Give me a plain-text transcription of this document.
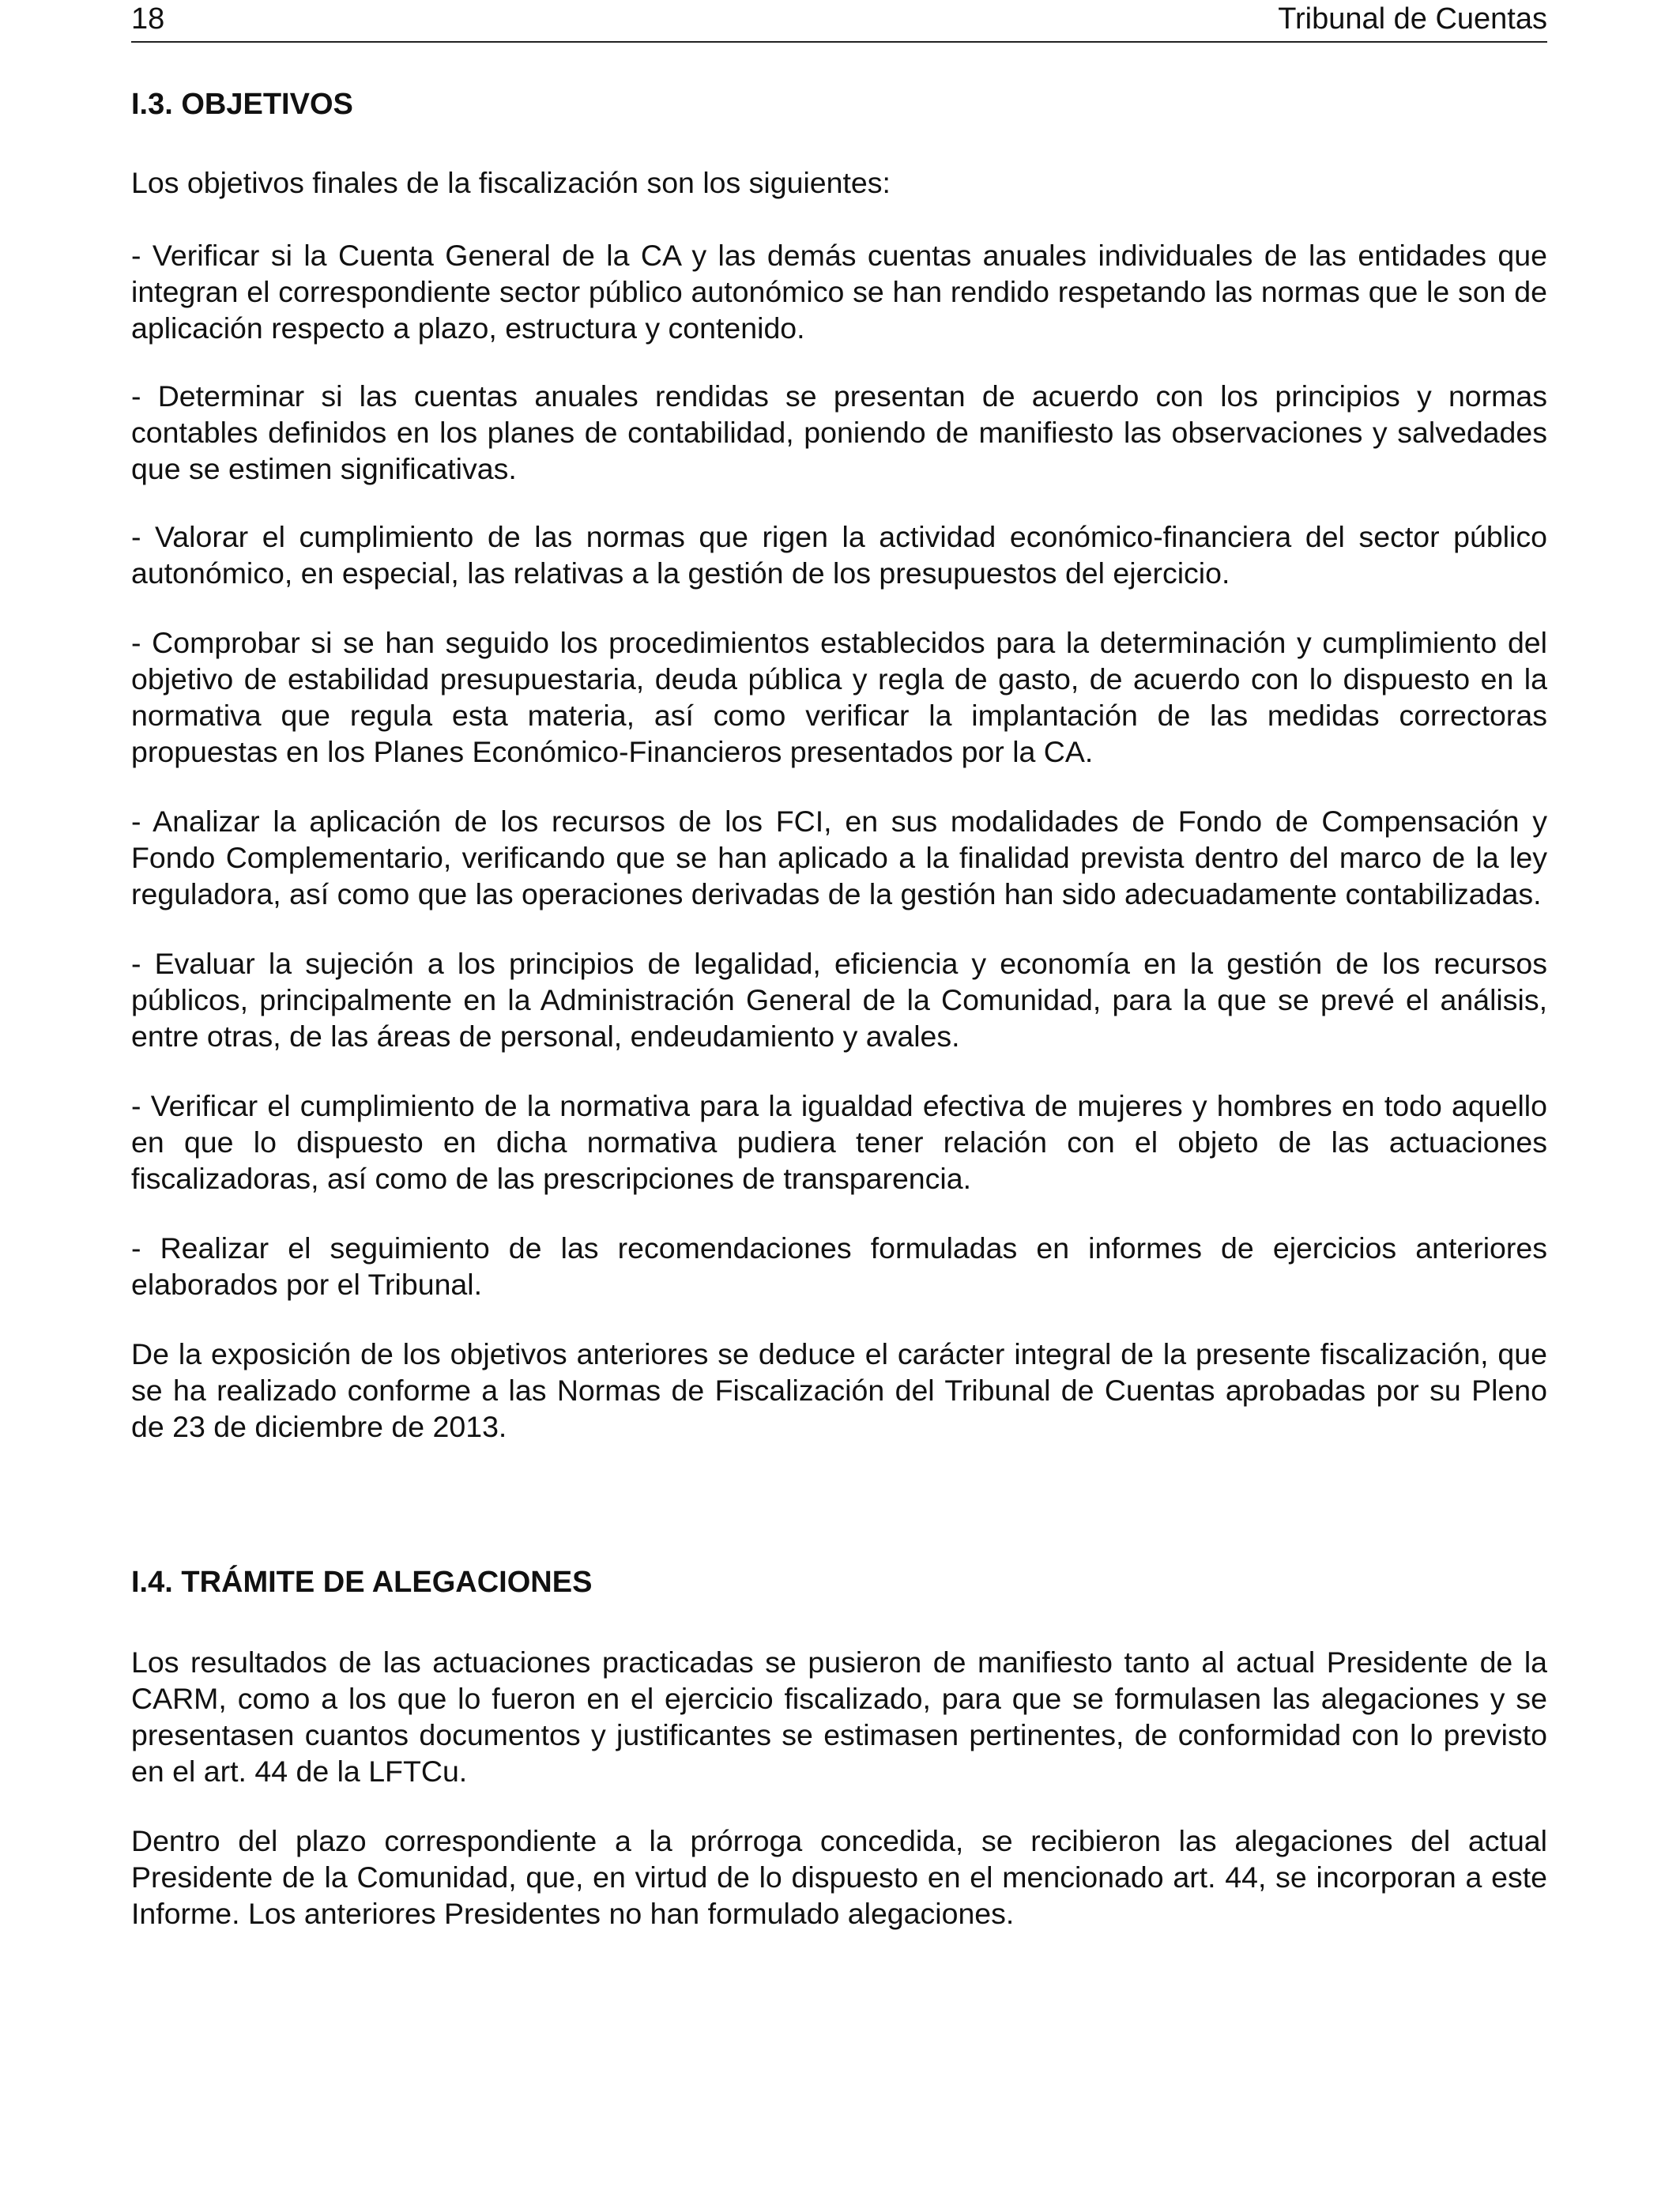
18	Tribunal de Cuentas
I.3. OBJETIVOS

Los objetivos finales de la fiscalización son los siguientes:

- Verificar si la Cuenta General de la CA y las demás cuentas anuales individuales de las entidades que integran el correspondiente sector público autonómico se han rendido respetando las normas que le son de aplicación respecto a plazo, estructura y contenido.

- Determinar si las cuentas anuales rendidas se presentan de acuerdo con los principios y normas contables definidos en los planes de contabilidad, poniendo de manifiesto las observaciones y salvedades que se estimen significativas.

- Valorar el cumplimiento de las normas que rigen la actividad económico-financiera del sector público autonómico, en especial, las relativas a la gestión de los presupuestos del ejercicio.

- Comprobar si se han seguido los procedimientos establecidos para la determinación y cumplimiento del objetivo de estabilidad presupuestaria, deuda pública y regla de gasto, de acuerdo con lo dispuesto en la normativa que regula esta materia, así como verificar la implantación de las medidas correctoras propuestas en los Planes Económico-Financieros presentados por la CA.

- Analizar la aplicación de los recursos de los FCI, en sus modalidades de Fondo de Compensación y Fondo Complementario, verificando que se han aplicado a la finalidad prevista dentro del marco de la ley reguladora, así como que las operaciones derivadas de la gestión han sido adecuadamente contabilizadas.

- Evaluar la sujeción a los principios de legalidad, eficiencia y economía en la gestión de los recursos públicos, principalmente en la Administración General de la Comunidad, para la que se prevé el análisis, entre otras, de las áreas de personal, endeudamiento y avales.

- Verificar el cumplimiento de la normativa para la igualdad efectiva de mujeres y hombres en todo aquello en que lo dispuesto en dicha normativa pudiera tener relación con el objeto de las actuaciones fiscalizadoras, así como de las prescripciones de transparencia.

- Realizar el seguimiento de las recomendaciones formuladas en informes de ejercicios anteriores elaborados por el Tribunal.

De la exposición de los objetivos anteriores se deduce el carácter integral de la presente fiscalización, que se ha realizado conforme a las Normas de Fiscalización del Tribunal de Cuentas aprobadas por su Pleno de 23 de diciembre de 2013.

I.4. TRÁMITE DE ALEGACIONES

Los resultados de las actuaciones practicadas se pusieron de manifiesto tanto al actual Presidente de la CARM, como a los que lo fueron en el ejercicio fiscalizado, para que se formulasen las alegaciones y se presentasen cuantos documentos y justificantes se estimasen pertinentes, de conformidad con lo previsto en el art. 44 de la LFTCu.

Dentro del plazo correspondiente a la prórroga concedida, se recibieron las alegaciones del actual Presidente de la Comunidad, que, en virtud de lo dispuesto en el mencionado art. 44, se incorporan a este Informe. Los anteriores Presidentes no han formulado alegaciones.
